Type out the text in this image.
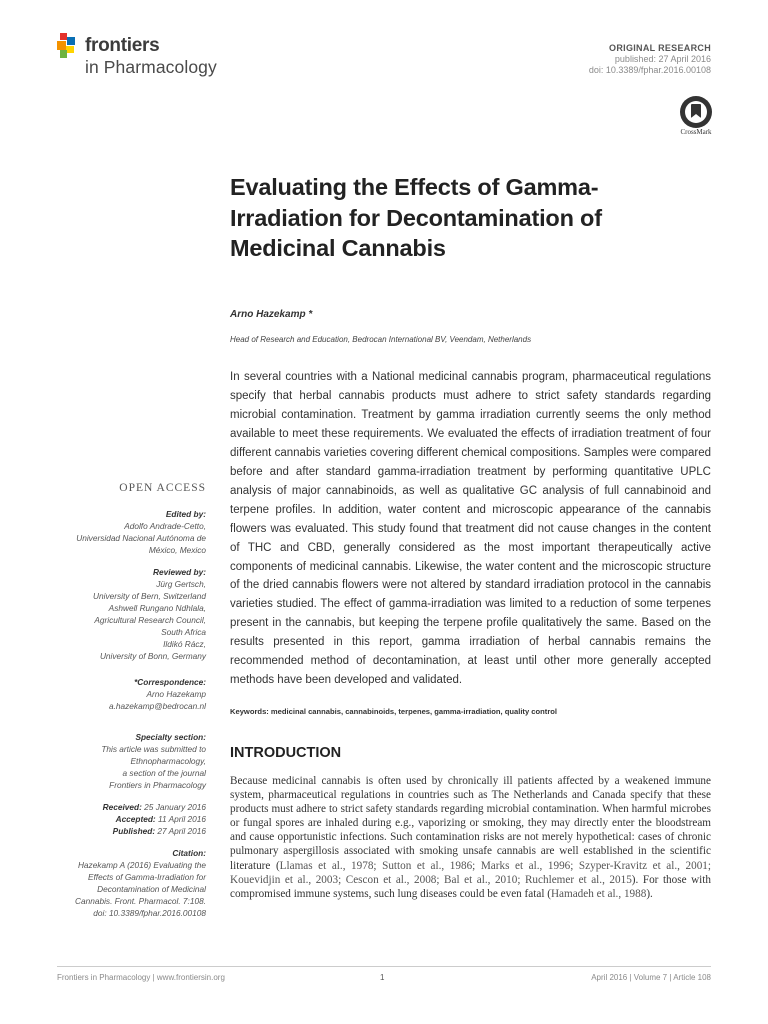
frontiers
in Pharmacology
ORIGINAL RESEARCH
published: 27 April 2016
doi: 10.3389/fphar.2016.00108
CrossMark
Evaluating the Effects of Gamma-Irradiation for Decontamination of Medicinal Cannabis
Arno Hazekamp *
Head of Research and Education, Bedrocan International BV, Veendam, Netherlands
In several countries with a National medicinal cannabis program, pharmaceutical regulations specify that herbal cannabis products must adhere to strict safety standards regarding microbial contamination. Treatment by gamma irradiation currently seems the only method available to meet these requirements. We evaluated the effects of irradiation treatment of four different cannabis varieties covering different chemical compositions. Samples were compared before and after standard gamma-irradiation treatment by performing quantitative UPLC analysis of major cannabinoids, as well as qualitative GC analysis of full cannabinoid and terpene profiles. In addition, water content and microscopic appearance of the cannabis flowers was evaluated. This study found that treatment did not cause changes in the content of THC and CBD, generally considered as the most important therapeutically active components of medicinal cannabis. Likewise, the water content and the microscopic structure of the dried cannabis flowers were not altered by standard irradiation protocol in the cannabis varieties studied. The effect of gamma-irradiation was limited to a reduction of some terpenes present in the cannabis, but keeping the terpene profile qualitatively the same. Based on the results presented in this report, gamma irradiation of herbal cannabis remains the recommended method of decontamination, at least until other more generally accepted methods have been developed and validated.
Keywords: medicinal cannabis, cannabinoids, terpenes, gamma-irradiation, quality control
INTRODUCTION
Because medicinal cannabis is often used by chronically ill patients affected by a weakened immune system, pharmaceutical regulations in countries such as The Netherlands and Canada specify that these products must adhere to strict safety standards regarding microbial contamination. When harmful microbes or fungal spores are inhaled during e.g., vaporizing or smoking, they may directly enter the bloodstream and cause opportunistic infections. Such contamination risks are not merely hypothetical: cases of chronic pulmonary aspergillosis associated with smoking unsafe cannabis are well established in the scientific literature (Llamas et al., 1978; Sutton et al., 1986; Marks et al., 1996; Szyper-Kravitz et al., 2001; Kouevidjin et al., 2003; Cescon et al., 2008; Bal et al., 2010; Ruchlemer et al., 2015). For those with compromised immune systems, such lung diseases could be even fatal (Hamadeh et al., 1988).
OPEN ACCESS
Edited by:
Adolfo Andrade-Cetto,
Universidad Nacional Autónoma de
México, Mexico
Reviewed by:
Jürg Gertsch,
University of Bern, Switzerland
Ashwell Rungano Ndhlala,
Agricultural Research Council,
South Africa
Ildikó Rácz,
University of Bonn, Germany
*Correspondence:
Arno Hazekamp
a.hazekamp@bedrocan.nl
Specialty section:
This article was submitted to
Ethnopharmacology,
a section of the journal
Frontiers in Pharmacology
Received: 25 January 2016
Accepted: 11 April 2016
Published: 27 April 2016
Citation:
Hazekamp A (2016) Evaluating the
Effects of Gamma-Irradiation for
Decontamination of Medicinal
Cannabis. Front. Pharmacol. 7:108.
doi: 10.3389/fphar.2016.00108
Frontiers in Pharmacology | www.frontiersin.org	1	April 2016 | Volume 7 | Article 108
